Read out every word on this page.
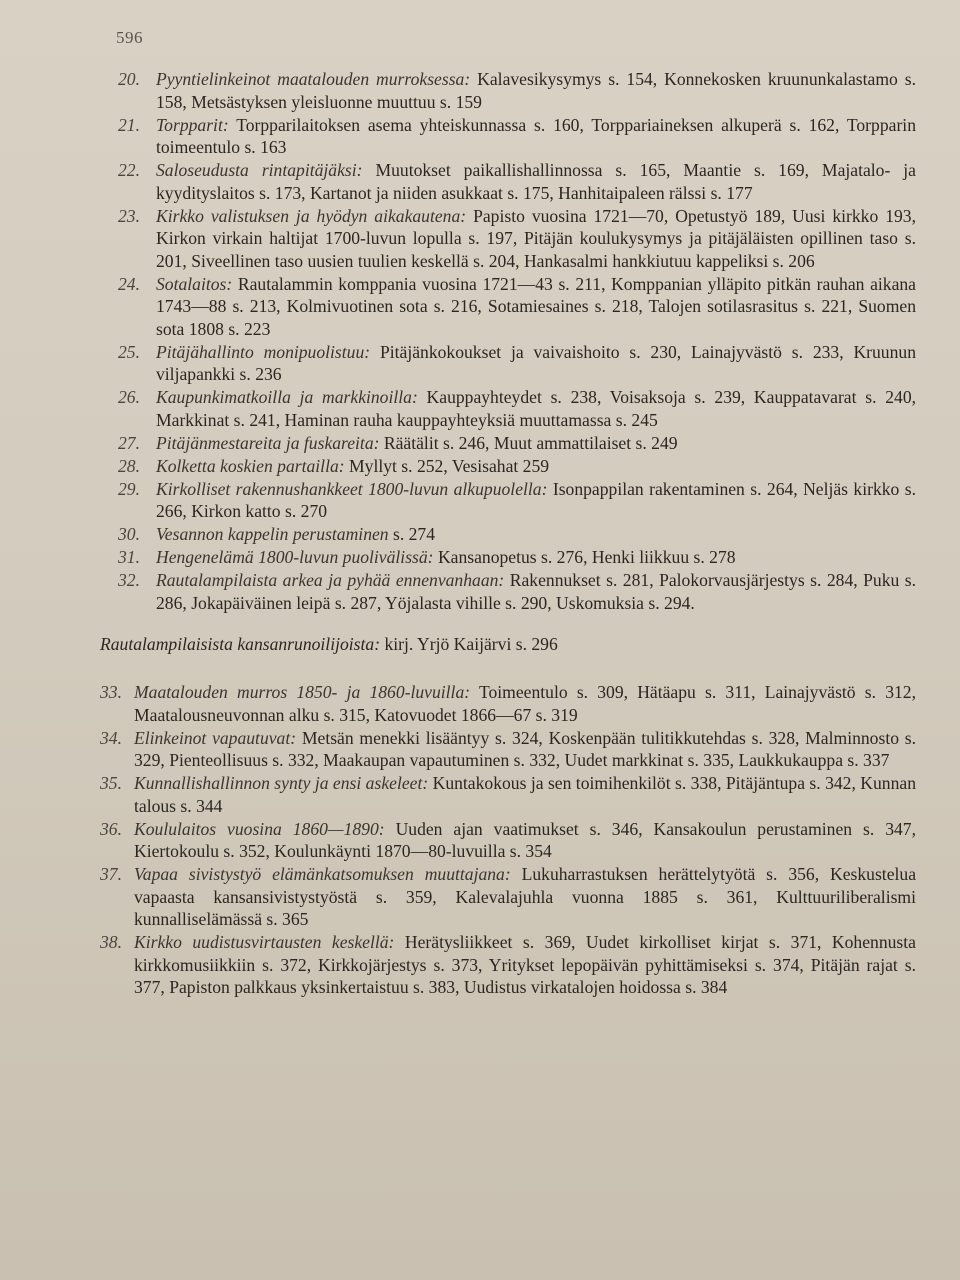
596
20. Pyyntielinkeinot maatalouden murroksessa: Kalavesikysymys s. 154, Konnekosken kruununkalastamo s. 158, Metsästyksen yleisluonne muuttuu s. 159
21. Torpparit: Torpparilaitoksen asema yhteiskunnassa s. 160, Torppariaineksen alkuperä s. 162, Torpparin toimeentulo s. 163
22. Saloseudusta rintapitäjäksi: Muutokset paikallishallinnossa s. 165, Maantie s. 169, Majatalo- ja kyydityslaitos s. 173, Kartanot ja niiden asukkaat s. 175, Hanhitaipaleen rälssi s. 177
23. Kirkko valistuksen ja hyödyn aikakautena: Papisto vuosina 1721—70, Opetustyö 189, Uusi kirkko 193, Kirkon virkain haltijat 1700-luvun lopulla s. 197, Pitäjän koulukysymys ja pitäjäläisten opillinen taso s. 201, Siveellinen taso uusien tuulien keskellä s. 204, Hankasalmi hankkiutuu kappeliksi s. 206
24. Sotalaitos: Rautalammin komppania vuosina 1721—43 s. 211, Komppanian ylläpito pitkän rauhan aikana 1743—88 s. 213, Kolmivuotinen sota s. 216, Sotamiesaines s. 218, Talojen sotilasrasitus s. 221, Suomen sota 1808 s. 223
25. Pitäjähallinto monipuolistuu: Pitäjänkokoukset ja vaivaishoito s. 230, Lainajyvästö s. 233, Kruunun viljapankki s. 236
26. Kaupunkimatkoilla ja markkinoilla: Kauppayhteydet s. 238, Voisaksoja s. 239, Kauppatavarat s. 240, Markkinat s. 241, Haminan rauha kauppayhteyksiä muuttamassa s. 245
27. Pitäjänmestareita ja fuskareita: Räätälit s. 246, Muut ammattilaiset s. 249
28. Kolketta koskien partailla: Myllyt s. 252, Vesisahat 259
29. Kirkolliset rakennushankkeet 1800-luvun alkupuolella: Isonpappilan rakentaminen s. 264, Neljäs kirkko s. 266, Kirkon katto s. 270
30. Vesannon kappelin perustaminen s. 274
31. Hengenelämä 1800-luvun puolivälissä: Kansanopetus s. 276, Henki liikkuu s. 278
32. Rautalampilaista arkea ja pyhää ennenvanhaan: Rakennukset s. 281, Palokorvausjärjestys s. 284, Puku s. 286, Jokapäiväinen leipä s. 287, Yöjalasta vihille s. 290, Uskomuksia s. 294.
Rautalampilaisista kansanrunoilijoista: kirj. Yrjö Kaijärvi s. 296
33. Maatalouden murros 1850- ja 1860-luvuilla: Toimeentulo s. 309, Hätäapu s. 311, Lainajyvästö s. 312, Maatalousneuvonnan alku s. 315, Katovuodet 1866—67 s. 319
34. Elinkeinot vapautuvat: Metsän menekki lisääntyy s. 324, Koskenpään tulitikkutehdas s. 328, Malminnosto s. 329, Pienteollisuus s. 332, Maakaupan vapautuminen s. 332, Uudet markkinat s. 335, Laukkukauppa s. 337
35. Kunnallishallinnon synty ja ensi askeleet: Kuntakokous ja sen toimihenkilöt s. 338, Pitäjäntupa s. 342, Kunnan talous s. 344
36. Koululaitos vuosina 1860—1890: Uuden ajan vaatimukset s. 346, Kansakoulun perustaminen s. 347, Kiertokoulu s. 352, Koulunkäynti 1870—80-luvuilla s. 354
37. Vapaa sivistystyö elämänkatsomuksen muuttajana: Lukuharrastuksen herättelytyötä s. 356, Keskustelua vapaasta kansansivistystyöstä s. 359, Kalevalajuhla vuonna 1885 s. 361, Kulttuuriliberalismi kunnalliselämässä s. 365
38. Kirkko uudistusvirtausten keskellä: Herätysliikkeet s. 369, Uudet kirkolliset kirjat s. 371, Kohennusta kirkkomusiikkiin s. 372, Kirkkojärjestys s. 373, Yritykset lepopäivän pyhittämiseksi s. 374, Pitäjän rajat s. 377, Papiston palkkaus yksinkertaistuu s. 383, Uudistus virkatalojen hoidossa s. 384
